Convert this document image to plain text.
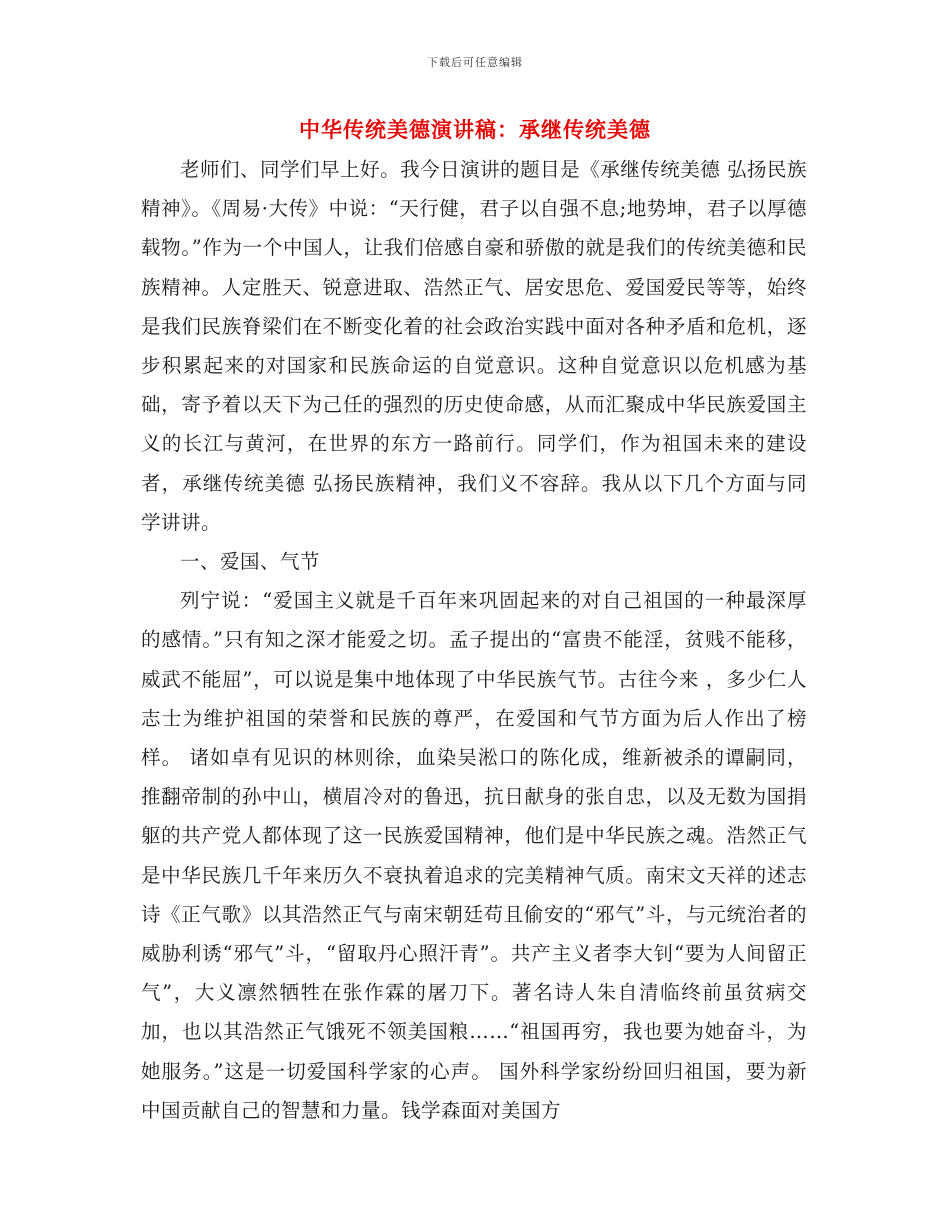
下载后可任意编辑
中华传统美德演讲稿：承继传统美德

老师们、同学们早上好。我今日演讲的题目是《承继传统美德 弘扬民族精神》。《周易·大传》中说：“天行健，君子以自强不息;地势坤，君子以厚德载物。”作为一个中国人，让我们倍感自豪和骄傲的就是我们的传统美德和民族精神。人定胜天、锐意进取、浩然正气、居安思危、爱国爱民等等，始终是我们民族脊梁们在不断变化着的社会政治实践中面对各种矛盾和危机，逐步积累起来的对国家和民族命运的自觉意识。这种自觉意识以危机感为基础，寄予着以天下为己任的强烈的历史使命感，从而汇聚成中华民族爱国主义的长江与黄河，在世界的东方一路前行。同学们，作为祖国未来的建设者，承继传统美德 弘扬民族精神，我们义不容辞。我从以下几个方面与同学讲讲。

一、爱国、气节

列宁说：“爱国主义就是千百年来巩固起来的对自己祖国的一种最深厚的感情。”只有知之深才能爱之切。孟子提出的“富贵不能淫，贫贱不能移，威武不能屈”，可以说是集中地体现了中华民族气节。古往今来 ，多少仁人志士为维护祖国的荣誉和民族的尊严，在爱国和气节方面为后人作出了榜样。 诸如卓有见识的林则徐，血染吴淞口的陈化成，维新被杀的谭嗣同，推翻帝制的孙中山，横眉冷对的鲁迅，抗日献身的张自忠，以及无数为国捐躯的共产党人都体现了这一民族爱国精神，他们是中华民族之魂。浩然正气是中华民族几千年来历久不衰执着追求的完美精神气质。南宋文天祥的述志诗《正气歌》以其浩然正气与南宋朝廷苟且偷安的“邪气”斗，与元统治者的威胁利诱“邪气”斗，“留取丹心照汗青”。共产主义者李大钊“要为人间留正气”，大义凛然牺牲在张作霖的屠刀下。著名诗人朱自清临终前虽贫病交加，也以其浩然正气饿死不领美国粮……“祖国再穷，我也要为她奋斗，为她服务。”这是一切爱国科学家的心声。 国外科学家纷纷回归祖国，要为新中国贡献自己的智慧和力量。钱学森面对美国方
